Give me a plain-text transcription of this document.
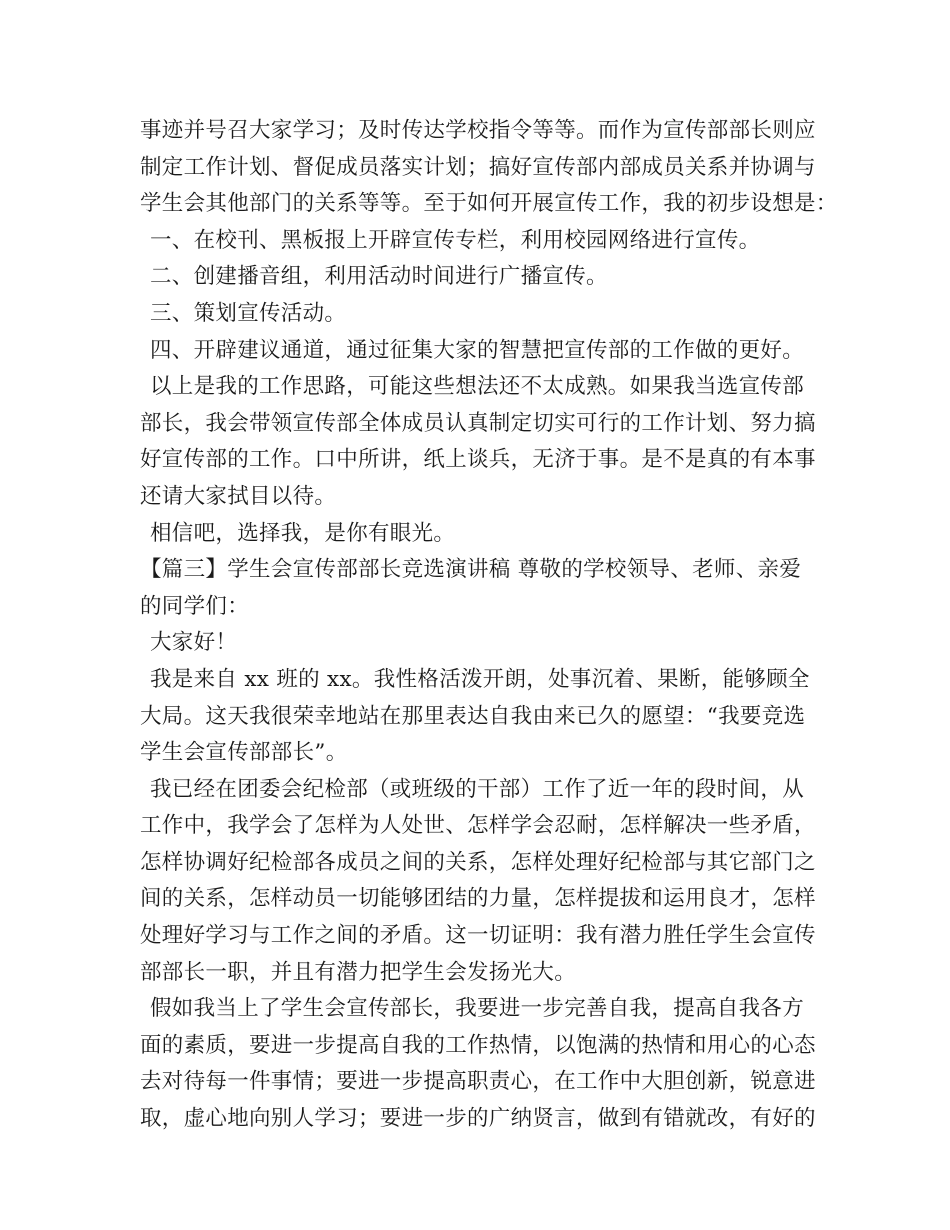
事迹并号召大家学习；及时传达学校指令等等。而作为宣传部部长则应
制定工作计划、督促成员落实计划；搞好宣传部内部成员关系并协调与
学生会其他部门的关系等等。至于如何开展宣传工作，我的初步设想是：
一、在校刊、黑板报上开辟宣传专栏，利用校园网络进行宣传。
二、创建播音组，利用活动时间进行广播宣传。
三、策划宣传活动。
四、开辟建议通道，通过征集大家的智慧把宣传部的工作做的更好。
以上是我的工作思路，可能这些想法还不太成熟。如果我当选宣传部
部长，我会带领宣传部全体成员认真制定切实可行的工作计划、努力搞
好宣传部的工作。口中所讲，纸上谈兵，无济于事。是不是真的有本事
还请大家拭目以待。
相信吧，选择我，是你有眼光。
【篇三】学生会宣传部部长竞选演讲稿 尊敬的学校领导、老师、亲爱
的同学们：
大家好！
我是来自 xx 班的 xx。我性格活泼开朗，处事沉着、果断，能够顾全
大局。这天我很荣幸地站在那里表达自我由来已久的愿望：“我要竞选
学生会宣传部部长”。
我已经在团委会纪检部（或班级的干部）工作了近一年的段时间，从
工作中，我学会了怎样为人处世、怎样学会忍耐，怎样解决一些矛盾，
怎样协调好纪检部各成员之间的关系，怎样处理好纪检部与其它部门之
间的关系，怎样动员一切能够团结的力量，怎样提拔和运用良才，怎样
处理好学习与工作之间的矛盾。这一切证明：我有潜力胜任学生会宣传
部部长一职，并且有潜力把学生会发扬光大。
假如我当上了学生会宣传部长，我要进一步完善自我，提高自我各方
面的素质，要进一步提高自我的工作热情，以饱满的热情和用心的心态
去对待每一件事情；要进一步提高职责心，在工作中大胆创新，锐意进
取，虚心地向别人学习；要进一步的广纳贤言，做到有错就改，有好的
